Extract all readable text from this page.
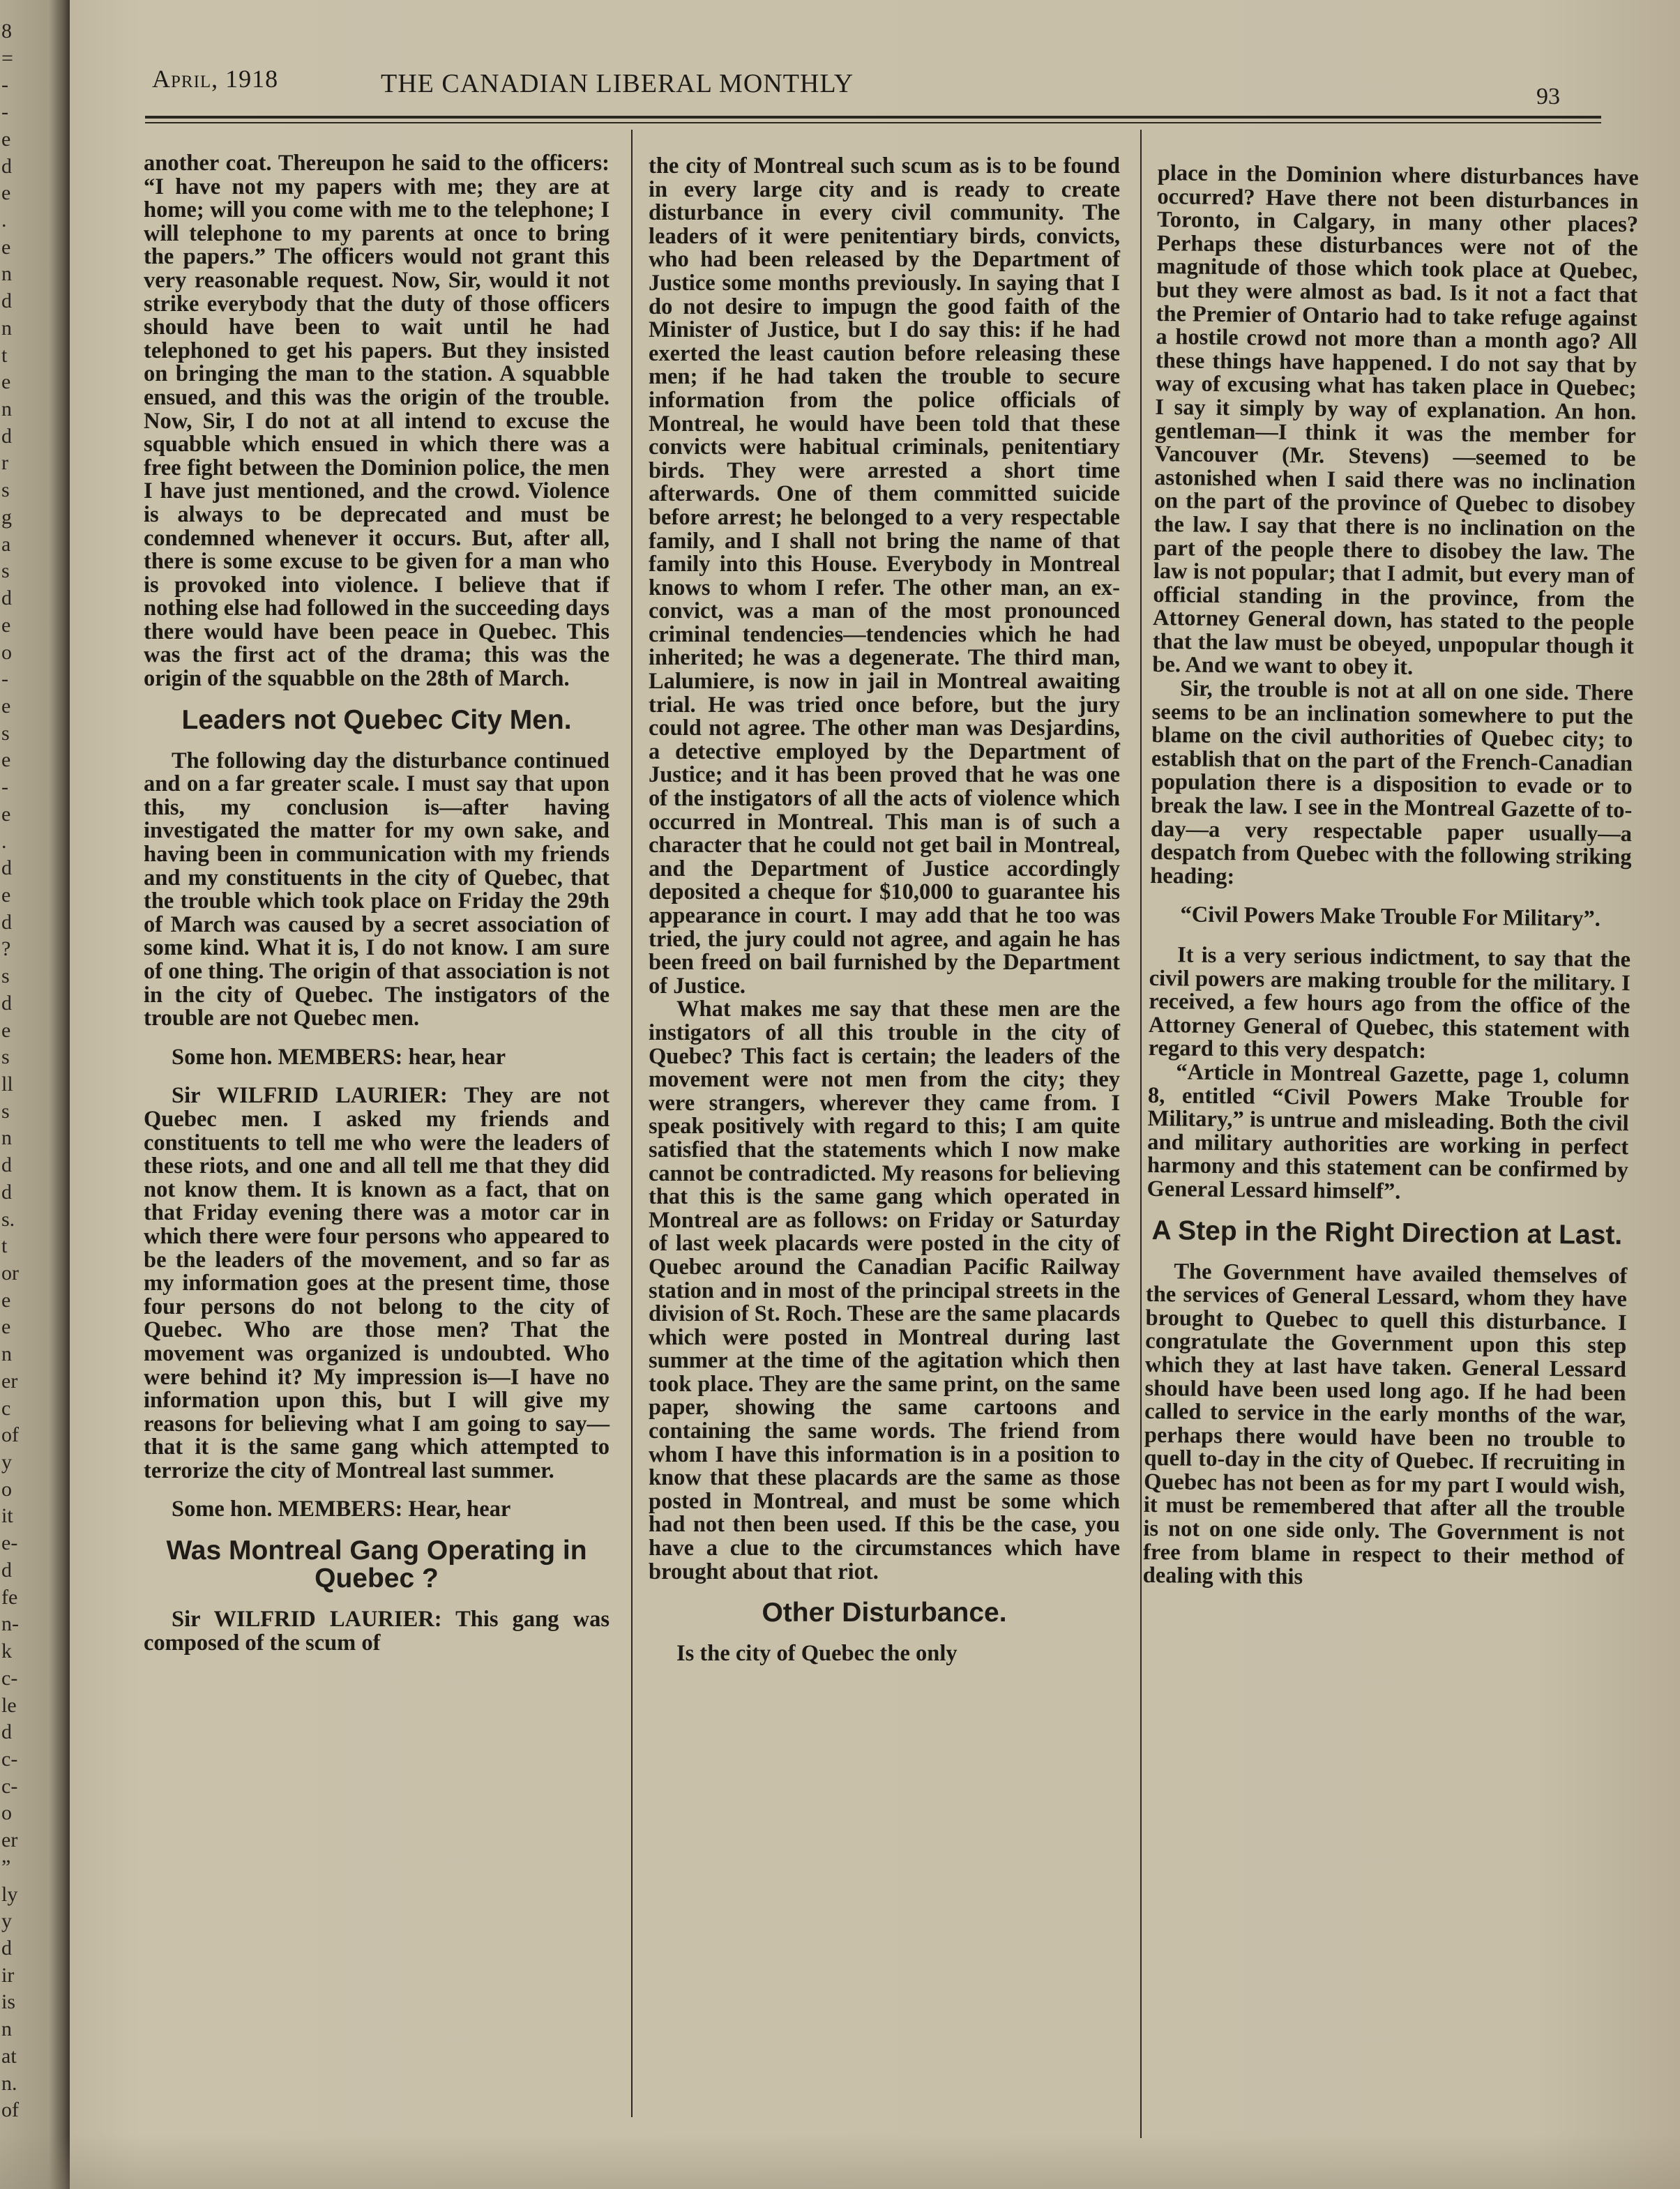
8
=
-
-
e
d
e
.
e
n
d
n
t
e
n
d
r
s
g
a
s
d
e
o
-
e
s
e
-
e
.
d
e
d
?
s
d
e
s
ll
s
n
d
d
s.
t
or
e
e
n
er
c
of
y
o
it
e-
d
fe
n-
k
c-
le
d
c-
c-
o
er
”
ly
y
d
ir
is
n
at
n.
of
April, 1918	THE CANADIAN LIBERAL MONTHLY	93

another coat. Thereupon he said to the officers: “I have not my papers with me; they are at home; will you come with me to the telephone; I will telephone to my parents at once to bring the papers.” The officers would not grant this very reasonable request. Now, Sir, would it not strike everybody that the duty of those officers should have been to wait until he had telephoned to get his papers. But they insisted on bringing the man to the station. A squabble ensued, and this was the origin of the trouble. Now, Sir, I do not at all intend to excuse the squabble which ensued in which there was a free fight between the Dominion police, the men I have just mentioned, and the crowd. Violence is always to be deprecated and must be condemned whenever it occurs. But, after all, there is some excuse to be given for a man who is provoked into violence. I believe that if nothing else had followed in the succeeding days there would have been peace in Quebec. This was the first act of the drama; this was the origin of the squabble on the 28th of March.

Leaders not Quebec City Men.

The following day the disturbance continued and on a far greater scale. I must say that upon this, my conclusion is—after having investigated the matter for my own sake, and having been in communication with my friends and my constituents in the city of Quebec, that the trouble which took place on Friday the 29th of March was caused by a secret association of some kind. What it is, I do not know. I am sure of one thing. The origin of that association is not in the city of Quebec. The instigators of the trouble are not Quebec men.

Some hon. MEMBERS: hear, hear

Sir WILFRID LAURIER: They are not Quebec men. I asked my friends and constituents to tell me who were the leaders of these riots, and one and all tell me that they did not know them. It is known as a fact, that on that Friday evening there was a motor car in which there were four persons who appeared to be the leaders of the movement, and so far as my information goes at the present time, those four persons do not belong to the city of Quebec. Who are those men? That the movement was organized is undoubted. Who were behind it? My impression is—I have no information upon this, but I will give my reasons for believing what I am going to say—that it is the same gang which attempted to terrorize the city of Montreal last summer.

Some hon. MEMBERS: Hear, hear

Was Montreal Gang Operating in Quebec ?

Sir WILFRID LAURIER: This gang was composed of the scum of

the city of Montreal such scum as is to be found in every large city and is ready to create disturbance in every civil community. The leaders of it were penitentiary birds, convicts, who had been released by the Department of Justice some months previously. In saying that I do not desire to impugn the good faith of the Minister of Justice, but I do say this: if he had exerted the least caution before releasing these men; if he had taken the trouble to secure information from the police officials of Montreal, he would have been told that these convicts were habitual criminals, penitentiary birds. They were arrested a short time afterwards. One of them committed suicide before arrest; he belonged to a very respectable family, and I shall not bring the name of that family into this House. Everybody in Montreal knows to whom I refer. The other man, an ex-convict, was a man of the most pronounced criminal tendencies—tendencies which he had inherited; he was a degenerate. The third man, Lalumiere, is now in jail in Montreal awaiting trial. He was tried once before, but the jury could not agree. The other man was Desjardins, a detective employed by the Department of Justice; and it has been proved that he was one of the instigators of all the acts of violence which occurred in Montreal. This man is of such a character that he could not get bail in Montreal, and the Department of Justice accordingly deposited a cheque for $10,000 to guarantee his appearance in court. I may add that he too was tried, the jury could not agree, and again he has been freed on bail furnished by the Department of Justice.

What makes me say that these men are the instigators of all this trouble in the city of Quebec? This fact is certain; the leaders of the movement were not men from the city; they were strangers, wherever they came from. I speak positively with regard to this; I am quite satisfied that the statements which I now make cannot be contradicted. My reasons for believing that this is the same gang which operated in Montreal are as follows: on Friday or Saturday of last week placards were posted in the city of Quebec around the Canadian Pacific Railway station and in most of the principal streets in the division of St. Roch. These are the same placards which were posted in Montreal during last summer at the time of the agitation which then took place. They are the same print, on the same paper, showing the same cartoons and containing the same words. The friend from whom I have this information is in a position to know that these placards are the same as those posted in Montreal, and must be some which had not then been used. If this be the case, you have a clue to the circumstances which have brought about that riot.

Other Disturbance.

Is the city of Quebec the only

place in the Dominion where disturbances have occurred? Have there not been disturbances in Toronto, in Calgary, in many other places? Perhaps these disturbances were not of the magnitude of those which took place at Quebec, but they were almost as bad. Is it not a fact that the Premier of Ontario had to take refuge against a hostile crowd not more than a month ago? All these things have happened. I do not say that by way of excusing what has taken place in Quebec; I say it simply by way of explanation. An hon. gentleman—I think it was the member for Vancouver (Mr. Stevens) —seemed to be astonished when I said there was no inclination on the part of the province of Quebec to disobey the law. I say that there is no inclination on the part of the people there to disobey the law. The law is not popular; that I admit, but every man of official standing in the province, from the Attorney General down, has stated to the people that the law must be obeyed, unpopular though it be. And we want to obey it.

Sir, the trouble is not at all on one side. There seems to be an inclination somewhere to put the blame on the civil authorities of Quebec city; to establish that on the part of the French-Canadian population there is a disposition to evade or to break the law. I see in the Montreal Gazette of to-day—a very respectable paper usually—a despatch from Quebec with the following striking heading:

“Civil Powers Make Trouble For Military”.

It is a very serious indictment, to say that the civil powers are making trouble for the military. I received, a few hours ago from the office of the Attorney General of Quebec, this statement with regard to this very despatch:

“Article in Montreal Gazette, page 1, column 8, entitled “Civil Powers Make Trouble for Military,” is untrue and misleading. Both the civil and military authorities are working in perfect harmony and this statement can be confirmed by General Lessard himself”.

A Step in the Right Direction at Last.

The Government have availed themselves of the services of General Lessard, whom they have brought to Quebec to quell this disturbance. I congratulate the Government upon this step which they at last have taken. General Lessard should have been used long ago. If he had been called to service in the early months of the war, perhaps there would have been no trouble to quell to-day in the city of Quebec. If recruiting in Quebec has not been as for my part I would wish, it must be remembered that after all the trouble is not on one side only. The Government is not free from blame in respect to their method of dealing with this
